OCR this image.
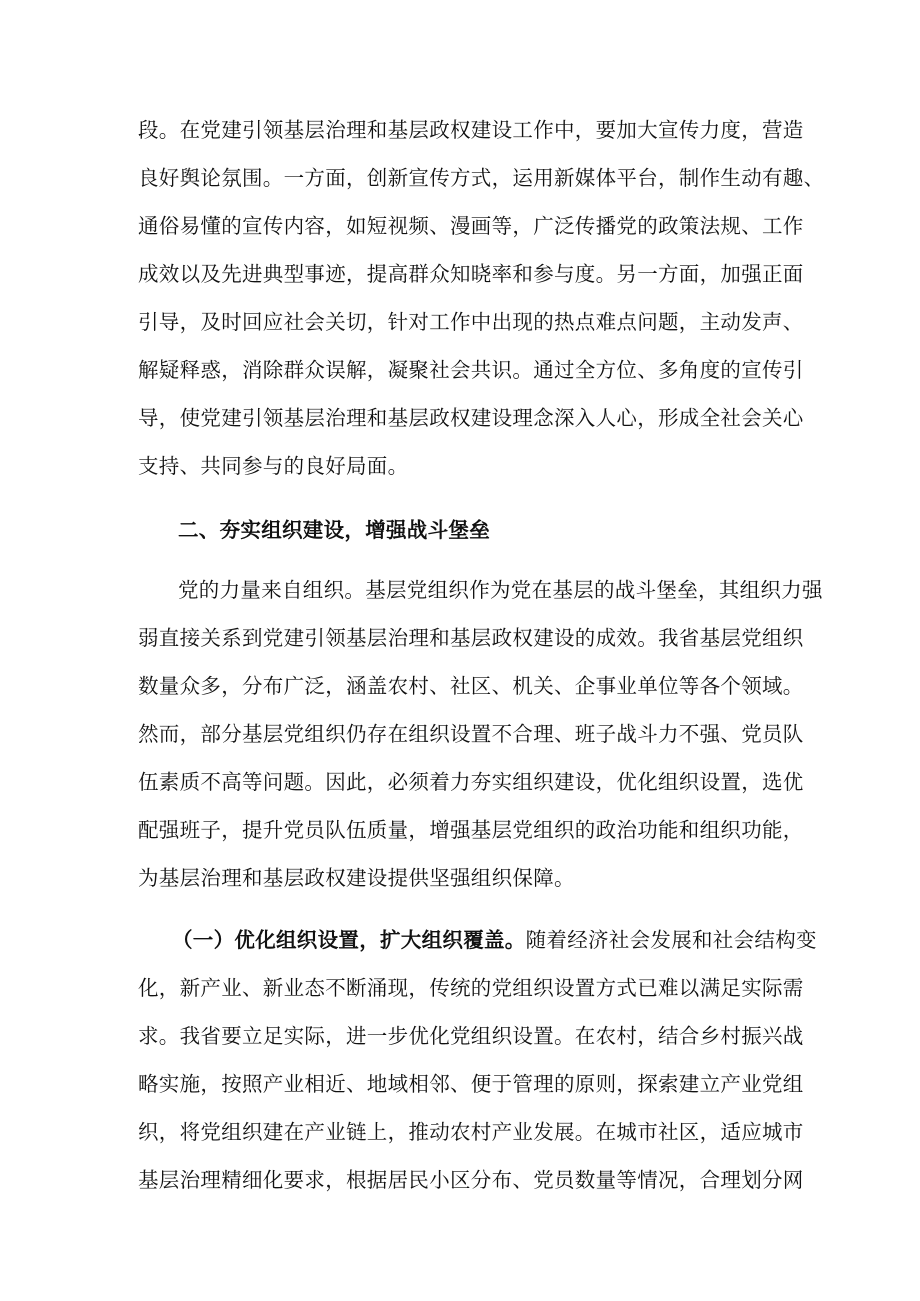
段。在党建引领基层治理和基层政权建设工作中，要加大宣传力度，营造
良好舆论氛围。一方面，创新宣传方式，运用新媒体平台，制作生动有趣、
通俗易懂的宣传内容，如短视频、漫画等，广泛传播党的政策法规、工作
成效以及先进典型事迹，提高群众知晓率和参与度。另一方面，加强正面
引导，及时回应社会关切，针对工作中出现的热点难点问题，主动发声、
解疑释惑，消除群众误解，凝聚社会共识。通过全方位、多角度的宣传引
导，使党建引领基层治理和基层政权建设理念深入人心，形成全社会关心
支持、共同参与的良好局面。
二、夯实组织建设，增强战斗堡垒
党的力量来自组织。基层党组织作为党在基层的战斗堡垒，其组织力强
弱直接关系到党建引领基层治理和基层政权建设的成效。我省基层党组织
数量众多，分布广泛，涵盖农村、社区、机关、企事业单位等各个领域。
然而，部分基层党组织仍存在组织设置不合理、班子战斗力不强、党员队
伍素质不高等问题。因此，必须着力夯实组织建设，优化组织设置，选优
配强班子，提升党员队伍质量，增强基层党组织的政治功能和组织功能，
为基层治理和基层政权建设提供坚强组织保障。
（一）优化组织设置，扩大组织覆盖。随着经济社会发展和社会结构变
化，新产业、新业态不断涌现，传统的党组织设置方式已难以满足实际需
求。我省要立足实际，进一步优化党组织设置。在农村，结合乡村振兴战
略实施，按照产业相近、地域相邻、便于管理的原则，探索建立产业党组
织，将党组织建在产业链上，推动农村产业发展。在城市社区，适应城市
基层治理精细化要求，根据居民小区分布、党员数量等情况，合理划分网
